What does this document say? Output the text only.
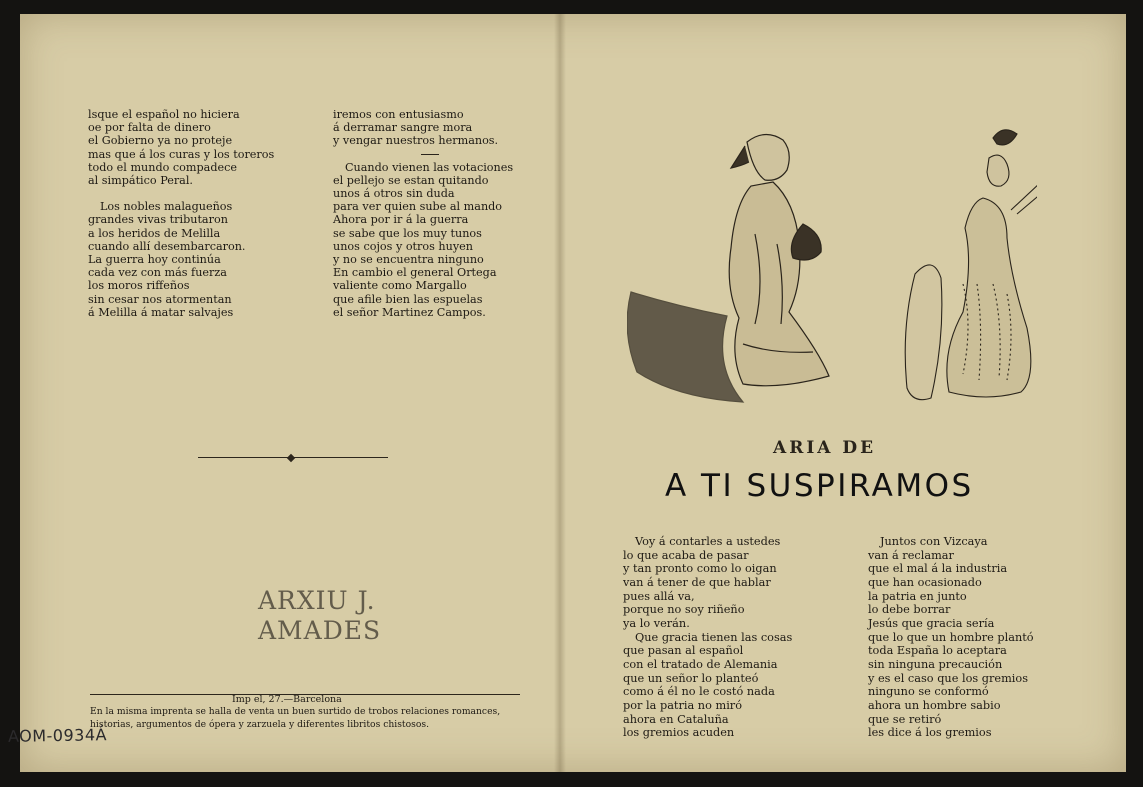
lsque el español no hiciera
oe por falta de dinero
el Gobierno ya no proteje
mas que á los curas y los toreros
todo el mundo compadece
al simpático Peral.
Los nobles malagueños
grandes vivas tributaron
a los heridos de Melilla
cuando allí desembarcaron.
La guerra hoy continúa
cada vez con más fuerza
los moros riffeños
sin cesar nos atormentan
á Melilla á matar salvajes
iremos con entusiasmo
á derramar sangre mora
y vengar nuestros hermanos.
Cuando vienen las votaciones
el pellejo se estan quitando
unos á otros sin duda
para ver quien sube al mando
Ahora por ir á la guerra
se sabe que los muy tunos
unos cojos y otros huyen
y no se encuentra ninguno
En cambio el general Ortega
valiente como Margallo
que afile bien las espuelas
el señor Martinez Campos.
ARXIU J.
AMADES
Imp el, 27.—Barcelona
En la misma imprenta se halla de venta un buen surtido de trobos relaciones romances, historias, argumentos de ópera y zarzuela y diferentes libritos chistosos.
ARIA DE
A TI SUSPIRAMOS
Voy á contarles a ustedes
lo que acaba de pasar
y tan pronto como lo oigan
van á tener de que hablar
pues allá va,
porque no soy riñeño
ya lo verán.
Que gracia tienen las cosas
que pasan al español
con el tratado de Alemania
que un señor lo planteó
como á él no le costó nada
por la patria no miró
ahora en Cataluña
los gremios acuden
Juntos con Vizcaya
van á reclamar
que el mal á la industria
que han ocasionado
la patria en junto
lo debe borrar
Jesús que gracia sería
que lo que un hombre plantó
toda España lo aceptara
sin ninguna precaución
y es el caso que los gremios
ninguno se conformó
ahora un hombre sabio
que se retiró
les dice á los gremios
AOM-0934Á
